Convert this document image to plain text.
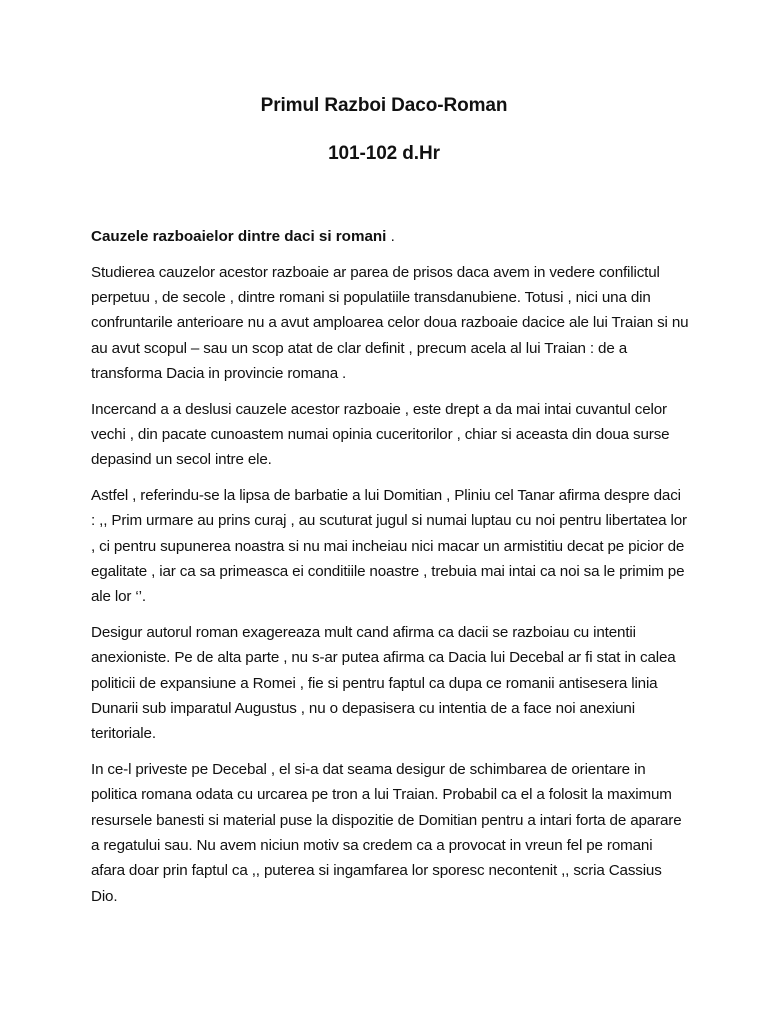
Primul Razboi Daco-Roman
101-102 d.Hr

Cauzele razboaielor dintre daci si romani .

Studierea cauzelor acestor razboaie ar parea de prisos daca avem in vedere confilictul perpetuu , de secole , dintre romani si populatiile transdanubiene. Totusi , nici una din confruntarile anterioare nu a avut amploarea celor doua razboaie dacice ale lui Traian si nu au avut scopul – sau un scop atat de clar definit , precum acela al lui Traian : de a transforma Dacia in provincie romana .

Incercand a a deslusi cauzele acestor razboaie , este drept a da mai intai cuvantul celor vechi , din pacate cunoastem numai opinia cuceritorilor , chiar si aceasta din doua surse depasind un secol intre ele.

Astfel , referindu-se la lipsa de barbatie a lui Domitian , Pliniu cel Tanar afirma despre daci : ,, Prim urmare au prins curaj , au scuturat jugul si numai luptau cu noi pentru libertatea lor , ci pentru supunerea noastra si nu mai incheiau nici macar un armistitiu decat pe picior de egalitate , iar ca sa primeasca ei conditiile noastre , trebuia mai intai ca noi sa le primim pe ale lor ‘’.

Desigur autorul roman exagereaza mult cand afirma ca dacii se razboiau cu intentii anexioniste. Pe de alta parte , nu s-ar putea afirma ca Dacia lui Decebal ar fi stat in calea politicii de expansiune a Romei , fie si pentru faptul ca dupa ce romanii antisesera linia Dunarii sub imparatul Augustus , nu o depasisera cu intentia de a face noi anexiuni teritoriale.

In ce-l priveste pe Decebal , el si-a dat seama desigur de schimbarea de orientare in politica romana odata cu urcarea pe tron a lui Traian. Probabil ca el a folosit la maximum resursele banesti si material puse la dispozitie de Domitian pentru a intari forta de aparare a regatului sau. Nu avem niciun motiv sa credem ca a provocat in vreun fel pe romani afara doar prin faptul ca ,, puterea si ingamfarea lor sporesc necontenit ,, scria Cassius Dio.
